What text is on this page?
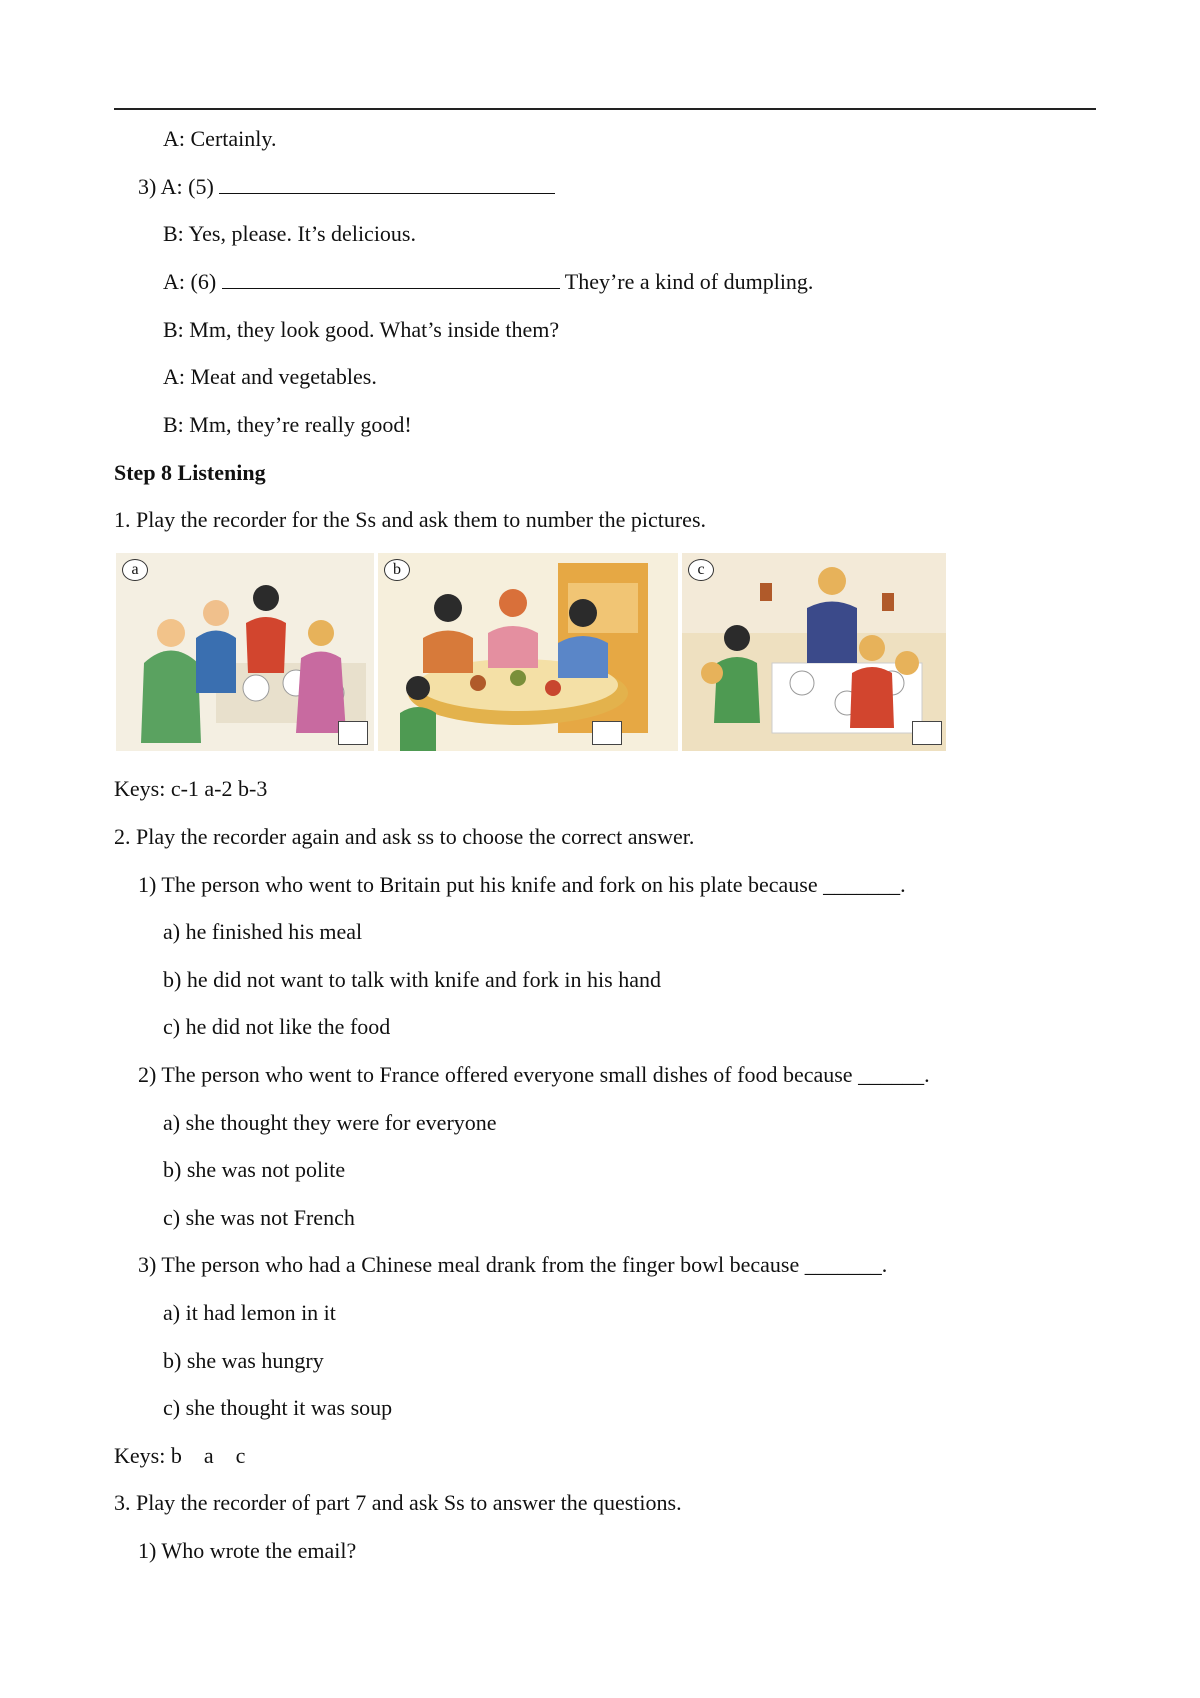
A: Certainly.
3) A: (5)
B: Yes, please. It’s delicious.
A: (6)	They’re a kind of dumpling.
B: Mm, they look good. What’s inside them?
A: Meat and vegetables.
B: Mm, they’re really good!
Step 8 Listening
1. Play the recorder for the Ss and ask them to number the pictures.
a	b	c
Keys: c-1 a-2 b-3
2. Play the recorder again and ask ss to choose the correct answer.
1) The person who went to Britain put his knife and fork on his plate because _______.
a) he finished his meal
b) he did not want to talk with knife and fork in his hand
c) he did not like the food
2) The person who went to France offered everyone small dishes of food because ______.
a) she thought they were for everyone
b) she was not polite
c) she was not French
3) The person who had a Chinese meal drank from the finger bowl because _______.
a) it had lemon in it
b) she was hungry
c) she thought it was soup
Keys: b    a    c
3. Play the recorder of part 7 and ask Ss to answer the questions.
1) Who wrote the email?
